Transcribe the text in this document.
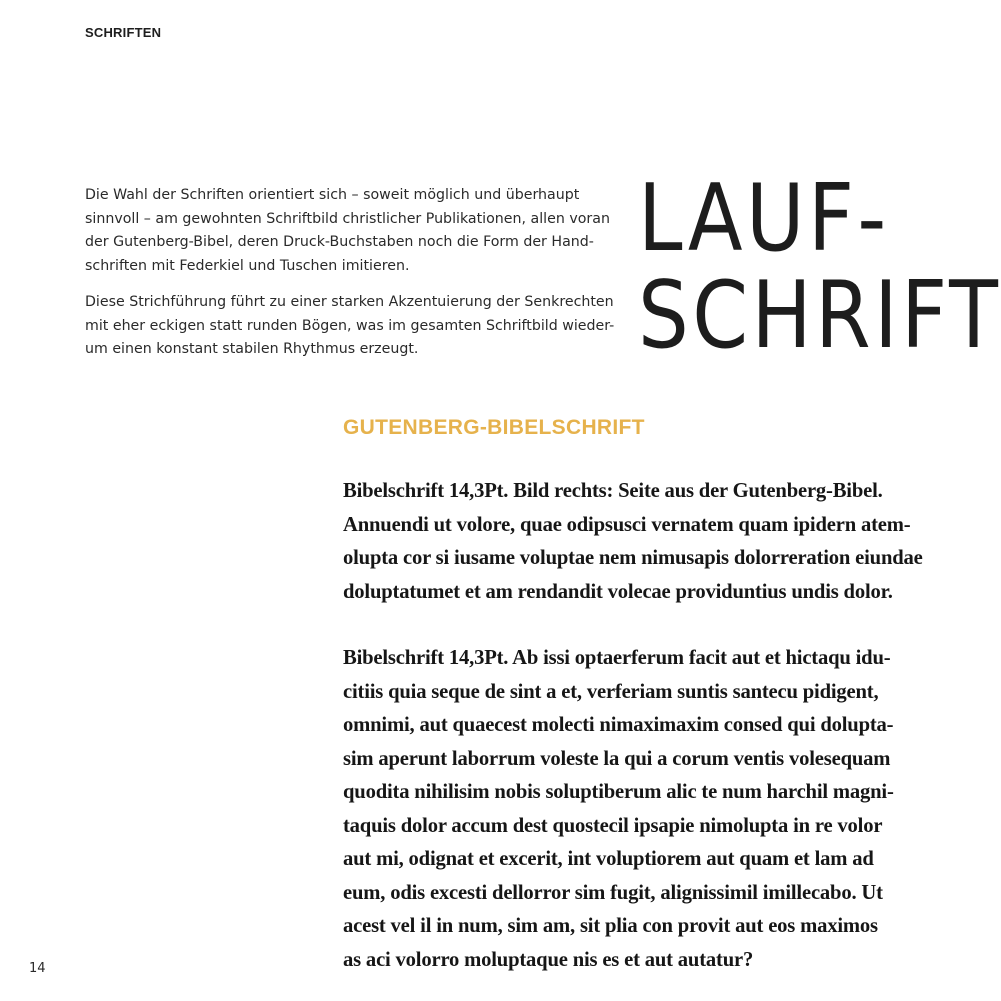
SCHRIFTEN

Die Wahl der Schriften orientiert sich – soweit möglich und überhaupt
sinnvoll – am gewohnten Schriftbild christlicher Publikationen, allen voran
der Gutenberg-Bibel, deren Druck-Buchstaben noch die Form der Hand-
schriften mit Federkiel und Tuschen imitieren.

Diese Strichführung führt zu einer starken Akzentuierung der Senkrechten
mit eher eckigen statt runden Bögen, was im gesamten Schriftbild wieder-
um einen konstant stabilen Rhythmus erzeugt.

LAUF-
SCHRIFT
GUTENBERG-BIBELSCHRIFT

Bibelschrift 14,3Pt. Bild rechts: Seite aus der Gutenberg-Bibel.
Annuendi ut volore, quae odipsusci vernatem quam ipidern atem-
olupta cor si iusame voluptae nem nimusapis dolorreration eiundae
doluptatumet et am rendandit volecae providuntius undis dolor.

Bibelschrift 14,3Pt. Ab issi optaerferum facit aut et hictaqu idu-
citiis quia seque de sint a et, verferiam suntis santecu pidigent,
omnimi, aut quaecest molecti nimaximaxim consed qui dolupta-
sim aperunt laborrum voleste la qui a corum ventis volesequam
quodita nihilisim nobis soluptiberum alic te num harchil magni-
taquis dolor accum dest quostecil ipsapie nimolupta in re volor
aut mi, odignat et excerit, int voluptiorem aut quam et lam ad
eum, odis excesti dellorror sim fugit, alignissimil imillecabo. Ut
acest vel il in num, sim am, sit plia con provit aut eos maximos
as aci volorro moluptaque nis es et aut autatur?

14
